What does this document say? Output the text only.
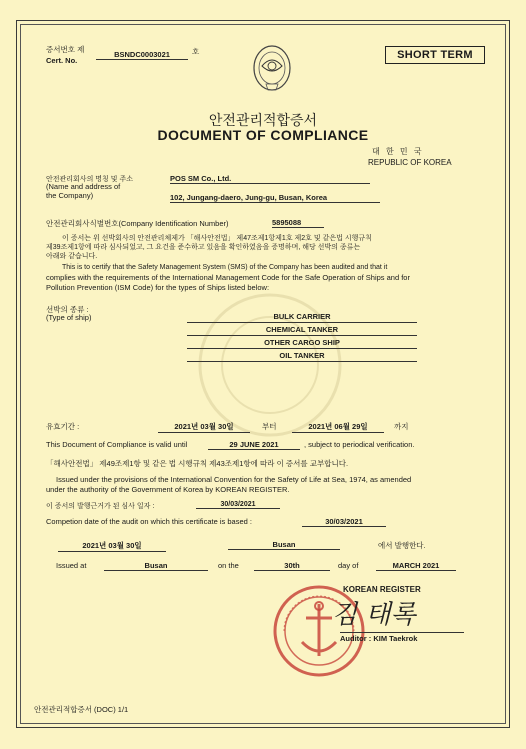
증서번호 제
Cert. No.
BSNDC0003021	호	SHORT TERM
안전관리적합증서
DOCUMENT OF COMPLIANCE
대 한 민 국
REPUBLIC OF KOREA
안전관리회사의 명칭 및 주소
(Name and address of
the Company)
POS SM Co., Ltd.
102, Jungang-daero, Jung-gu, Busan, Korea
안전관리회사식별번호(Company Identification Number)	5895088
이 증서는 위 선박회사의 안전관리체제가 「해사안전법」 제47조제1항제1호 제2호 및 같은법 시행규칙
제39조제1항에 따라 심사되었고, 그 요건을 준수하고 있음을 확인하였음을 증명하며, 해당 선박의 종류는
아래와 같습니다.
This is to certify that the Safety Management System (SMS) of the Company has been audited and that it
complies with the requirements of the International Management Code for the Safe Operation of Ships and for
Pollution Prevention (ISM Code) for the types of Ships listed below:
선박의 종류 :
(Type of ship)	BULK CARRIER
CHEMICAL TANKER
OTHER CARGO SHIP
OIL TANKER
유효기간 :	2021년 03월 30일	부터	2021년 06월 29일	까지
This Document of Compliance is valid until	29 JUNE 2021	, subject to periodical verification.
「해사안전법」 제49조제1항 및 같은 법 시행규칙 제43조제1항에 따라 이 증서를 교부합니다.
Issued under the provisions of the International Convention for the Safety of Life at Sea, 1974, as amended
under the authority of the Government of Korea by KOREAN REGISTER.
이 증서의 발행근거가 된 심사 일자 :	30/03/2021
Competion date of the audit on which this certificate is based :	30/03/2021
2021년 03월 30일	Busan	에서 발행한다.
Issued at	Busan	on the	30th	day of	MARCH 2021
KOREAN REGISTER
김 태록
Auditor : KIM Taekrok
안전관리적합증서 (DOC) 1/1
